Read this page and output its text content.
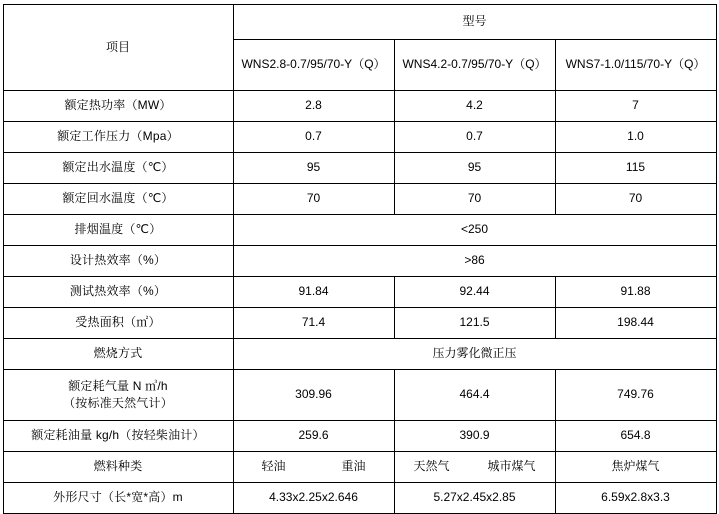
项目	型号		
	WNS2.8-0.7/95/70-Y（Q）	WNS4.2-0.7/95/70-Y（Q）	WNS7-1.0/115/70-Y（Q）
额定热功率（MW）	2.8	4.2	7
额定工作压力（Mpa）	0.7	0.7	1.0
额定出水温度（℃）	95	95	115
额定回水温度（℃）	70	70	70
排烟温度（℃）	<250		
设计热效率（%）	>86		
测试热效率（%）	91.84	92.44	91.88
受热面积（㎡）	71.4	121.5	198.44
燃烧方式	压力雾化微正压		

额定耗气量 N ㎥/h
（按标准天然气计）	309.96	464.4	749.76
额定耗油量 kg/h（按轻柴油计）	259.6	390.9	654.8
燃料种类	轻油 重油	天然气 城市煤气	焦炉煤气
外形尺寸（长*宽*高）m	4.33x2.25x2.646	5.27x2.45x2.85	6.59x2.8x3.3
